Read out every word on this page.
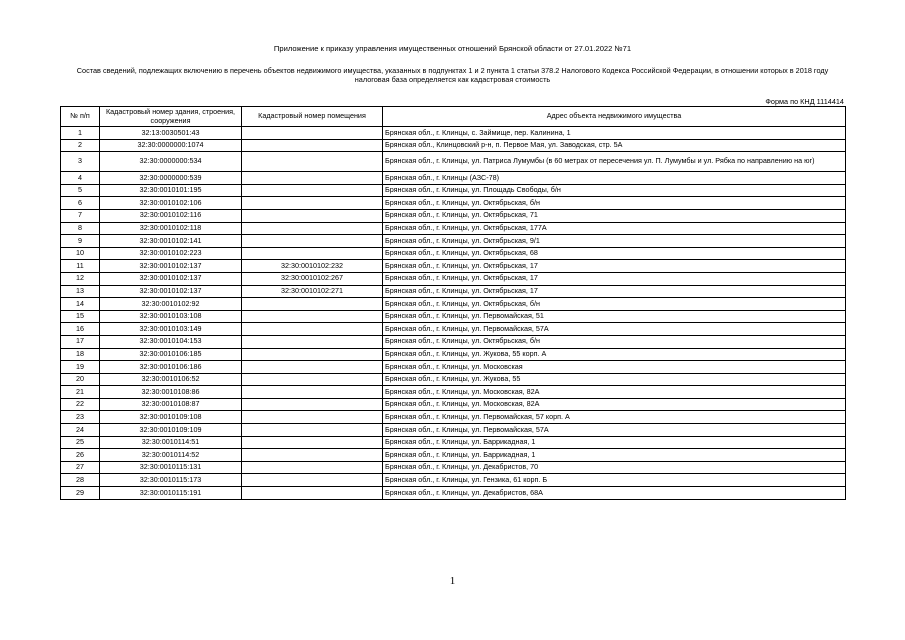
Приложение к приказу управления имущественных отношений Брянской области от 27.01.2022 №71
Состав сведений, подлежащих включению в перечень объектов недвижимого имущества, указанных в подпунктах 1 и 2 пункта 1 статьи 378.2 Налогового Кодекса Российской Федерации, в отношении которых в 2018 году налоговая база определяется как кадастровая стоимость
Форма по КНД 1114414
№ п/п	Кадастровый номер здания, строения, сооружения	Кадастровый номер помещения	Адрес объекта недвижимого имущества
1	32:13:0030501:43		Брянская обл., г. Клинцы, с. Займище, пер. Калинина, 1
2	32:30:0000000:1074		Брянская обл., Клинцовский р-н, п. Первое Мая, ул. Заводская, стр. 5А
3	32:30:0000000:534		Брянская обл., г. Клинцы, ул. Патриса Лумумбы (в 60 метрах от пересечения ул. П. Лумумбы и ул. Рябка по направлению на юг)
4	32:30:0000000:539		Брянская обл., г. Клинцы (АЗС-78)
5	32:30:0010101:195		Брянская обл., г. Клинцы, ул. Площадь Свободы, б/н
6	32:30:0010102:106		Брянская обл., г. Клинцы, ул. Октябрьская, б/н
7	32:30:0010102:116		Брянская обл., г. Клинцы, ул. Октябрьская, 71
8	32:30:0010102:118		Брянская обл., г. Клинцы, ул. Октябрьская, 177А
9	32:30:0010102:141		Брянская обл., г. Клинцы, ул. Октябрьская, 9/1
10	32:30:0010102:223		Брянская обл., г. Клинцы, ул. Октябрьская, 68
11	32:30:0010102:137	32:30:0010102:232	Брянская обл., г. Клинцы, ул. Октябрьская, 17
12	32:30:0010102:137	32:30:0010102:267	Брянская обл., г. Клинцы, ул. Октябрьская, 17
13	32:30:0010102:137	32:30:0010102:271	Брянская обл., г. Клинцы, ул. Октябрьская, 17
14	32:30:0010102:92		Брянская обл., г. Клинцы, ул. Октябрьская, б/н
15	32:30:0010103:108		Брянская обл., г. Клинцы, ул. Первомайская, 51
16	32:30:0010103:149		Брянская обл., г. Клинцы, ул. Первомайская, 57А
17	32:30:0010104:153		Брянская обл., г. Клинцы, ул. Октябрьская, б/н
18	32:30:0010106:185		Брянская обл., г. Клинцы, ул. Жукова, 55 корп. А
19	32:30:0010106:186		Брянская обл., г. Клинцы, ул. Московская
20	32:30:0010106:52		Брянская обл., г. Клинцы, ул. Жукова, 55
21	32:30:0010108:86		Брянская обл., г. Клинцы, ул. Московская, 82А
22	32:30:0010108:87		Брянская обл., г. Клинцы, ул. Московская, 82А
23	32:30:0010109:108		Брянская обл., г. Клинцы, ул. Первомайская, 57 корп. А
24	32:30:0010109:109		Брянская обл., г. Клинцы, ул. Первомайская, 57А
25	32:30:0010114:51		Брянская обл., г. Клинцы, ул. Баррикадная, 1
26	32:30:0010114:52		Брянская обл., г. Клинцы, ул. Баррикадная, 1
27	32:30:0010115:131		Брянская обл., г. Клинцы, ул. Декабристов, 70
28	32:30:0010115:173		Брянская обл., г. Клинцы, ул. Гензика, 61 корп. Б
29	32:30:0010115:191		Брянская обл., г. Клинцы, ул. Декабристов, 68А
1
